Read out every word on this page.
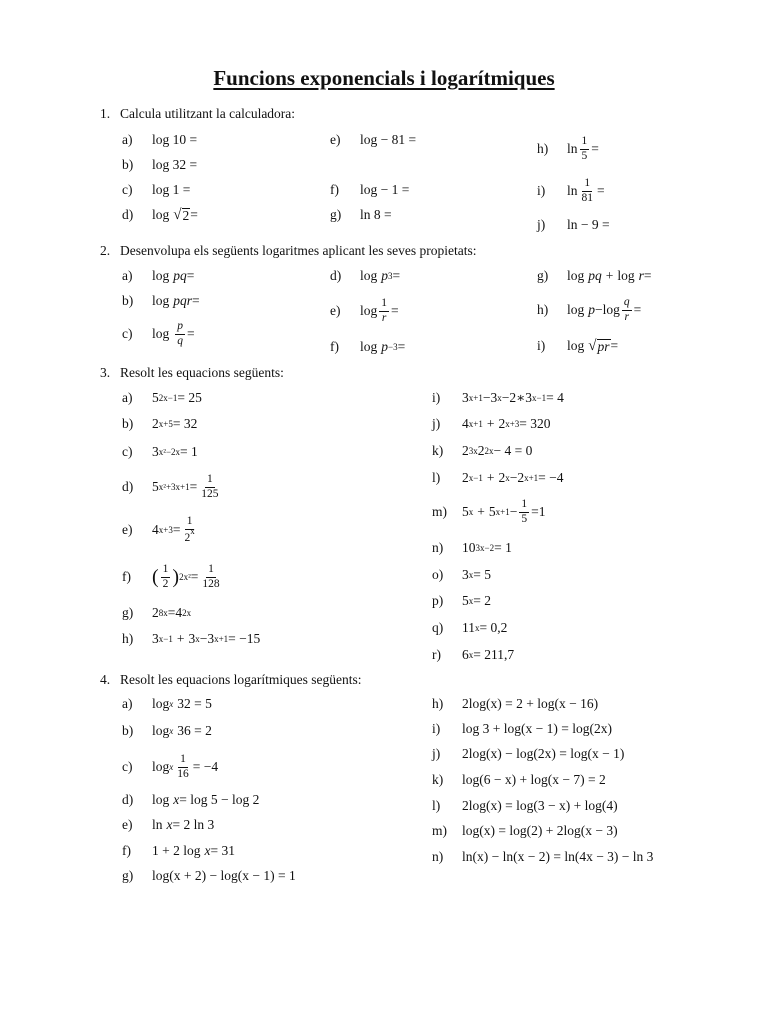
Funcions exponencials i logarítmiques
1. Calcula utilitzant la calculadora:
a)	log 10 =
b)	log 32 =
c)	log 1 =
d)	log √ 2 =
e)	log − 81 =
f)	log − 1 =
g)	ln 8 =
h)	$\ln \frac{1}{5}$ =
i)	$\ln \frac{1}{81}$ =
j)	ln − 9 =
2. Desenvolupa els següents logaritmes aplicant les seves propietats:
a)	log pq =
b)	log pqr =
c)	$\log \frac{p}{q}$ =
d)	log p 3 =
e)	$\log \frac{1}{r}$ =
f)	log p −3 =
g)	log pq + log r =
h)	$\log p - \log \frac{q}{r}$ =
i)	log √ pr =
3. Resolt les equacions següents:
a)	5 2x−1 = 25
b)	2 x+5 = 32
c)	3 x²−2x = 1
d)	5 $x^2+3x+1 = \frac{1}{125}$
e)	4 $x+3 = \frac{1}{2^x}$
f)	( 1
2 ) $2x^2 = \frac{1}{128}$
g)	2 8x = 4 2x
h)	3 x−1 + 3 x − 3 x+1 = −15
i)	3 x+1 − 3 x − 2 ∗ 3 x−1 = 4
j)	4 x+1 + 2 x+3 = 320
k)	2 3x 2 2x − 4 = 0
l)	2 x−1 + 2 x − 2 x+1 = −4
m)	5 x + 5 $x+1 - \frac{1}{5} = 1$
n)	10 3x−2 = 1
o)	3 x = 5
p)	5 x = 2
q)	11 x = 0,2
r)	6 x = 211,7
4. Resolt les equacions logarítmiques següents:
a)	log x 32 = 5
b)	log x 36 = 2
c)	log x $\frac{1}{16} = -4$
d)	log x = log 5 − log 2
e)	ln x = 2 ln 3
f)	1 + 2 log x = 31
g)	log(x + 2) − log(x − 1) = 1
h)	2log(x) = 2 + log(x − 16)
i)	log 3 + log(x − 1) = log(2x)
j)	2log(x) − log(2x) = log(x − 1)
k)	log(6 − x) + log(x − 7) = 2
l)	2log(x) = log(3 − x) + log(4)
m)	log(x) = log(2) + 2log(x − 3)
n)	ln(x) − ln(x − 2) = ln(4x − 3) − ln 3
